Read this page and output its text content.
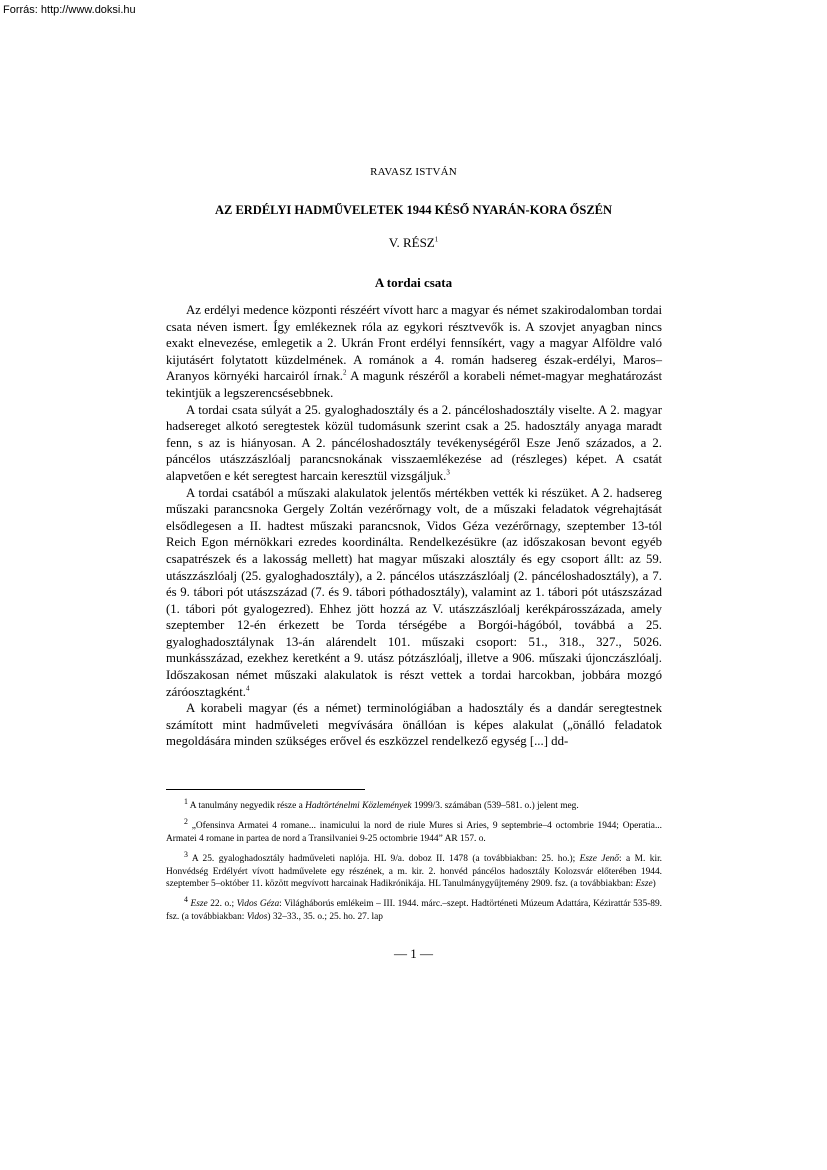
Forrás: http://www.doksi.hu
RAVASZ ISTVÁN
AZ ERDÉLYI HADMŰVELETEK 1944 KÉSŐ NYARÁN-KORA ŐSZÉN
V. RÉSZ$^1$
A tordai csata

Az erdélyi medence központi részéért vívott harc a magyar és német szakirodalomban tordai csata néven ismert. Így emlékeznek róla az egykori résztvevők is. A szovjet anyagban nincs exakt elnevezése, emlegetik a 2. Ukrán Front erdélyi fennsíkért, vagy a magyar Alföldre való kijutásért folytatott küzdelmének. A románok a 4. román hadsereg észak-erdélyi, Maros–Aranyos környéki harcairól írnak.$^2$ A magunk részéről a korabeli német-magyar meghatározást tekintjük a legszerencsésebbnek.

A tordai csata súlyát a 25. gyaloghadosztály és a 2. páncéloshadosztály viselte. A 2. magyar hadsereget alkotó seregtestek közül tudomásunk szerint csak a 25. hadosztály anyaga maradt fenn, s az is hiányosan. A 2. páncéloshadosztály tevékenységéről Esze Jenő százados, a 2. páncélos utászzászlóalj parancsnokának visszaemlékezése ad (részleges) képet. A csatát alapvetően e két seregtest harcain keresztül vizsgáljuk.$^3$

A tordai csatából a műszaki alakulatok jelentős mértékben vették ki részüket. A 2. hadsereg műszaki parancsnoka Gergely Zoltán vezérőrnagy volt, de a műszaki feladatok végrehajtását elsődlegesen a II. hadtest műszaki parancsnok, Vidos Géza vezérőrnagy, szeptember 13-tól Reich Egon mérnökkari ezredes koordinálta. Rendelkezésükre (az időszakosan bevont egyéb csapatrészek és a lakosság mellett) hat magyar műszaki alosztály és egy csoport állt: az 59. utászzászlóalj (25. gyaloghadosztály), a 2. páncélos utászzászlóalj (2. páncéloshadosztály), a 7. és 9. tábori pót utászszázad (7. és 9. tábori póthadosztály), valamint az 1. tábori pót utászszázad (1. tábori pót gyalogezred). Ehhez jött hozzá az V. utászzászlóalj kerékpárosszázada, amely szeptember 12-én érkezett be Torda térségébe a Borgói-hágóból, továbbá a 25. gyaloghadosztálynak 13-án alárendelt 101. műszaki csoport: 51., 318., 327., 5026. munkásszázad, ezekhez keretként a 9. utász pótzászlóalj, illetve a 906. műszaki újonczászlóalj. Időszakosan német műszaki alakulatok is részt vettek a tordai harcokban, jobbára mozgó záróosztagként.$^4$

A korabeli magyar (és a német) terminológiában a hadosztály és a dandár seregtestnek számított mint hadműveleti megvívására önállóan is képes alakulat („önálló feladatok megoldására minden szükséges erővel és eszközzel rendelkező egység [...] dd-

$^1$ A tanulmány negyedik része a Hadtörténelmi Közlemények 1999/3. számában (539–581. o.) jelent meg.

$^2$ „Ofensinva Armatei 4 romane... inamicului la nord de riule Mures si Aries, 9 septembrie–4 octombrie 1944; Operatia... Armatei 4 romane in partea de nord a Transilvaniei 9-25 octombrie 1944” AR 157. o.

$^3$ A 25. gyaloghadosztály hadműveleti naplója. HL 9/a. doboz II. 1478 (a továbbiakban: 25. ho.); Esze Jenő: a M. kir. Honvédség Erdélyért vívott hadművelete egy részének, a m. kir. 2. honvéd páncélos hadosztály Kolozsvár előterében 1944. szeptember 5–október 11. között megvívott harcainak Hadikrónikája. HL Tanulmánygyűjtemény 2909. fsz. (a továbbiakban: Esze)

$^4$ Esze 22. o.; Vidos Géza: Világháborús emlékeim – III. 1944. márc.–szept. Hadtörténeti Múzeum Adattára, Kézirattár 535-89. fsz. (a továbbiakban: Vidos) 32–33., 35. o.; 25. ho. 27. lap

— 1 —
